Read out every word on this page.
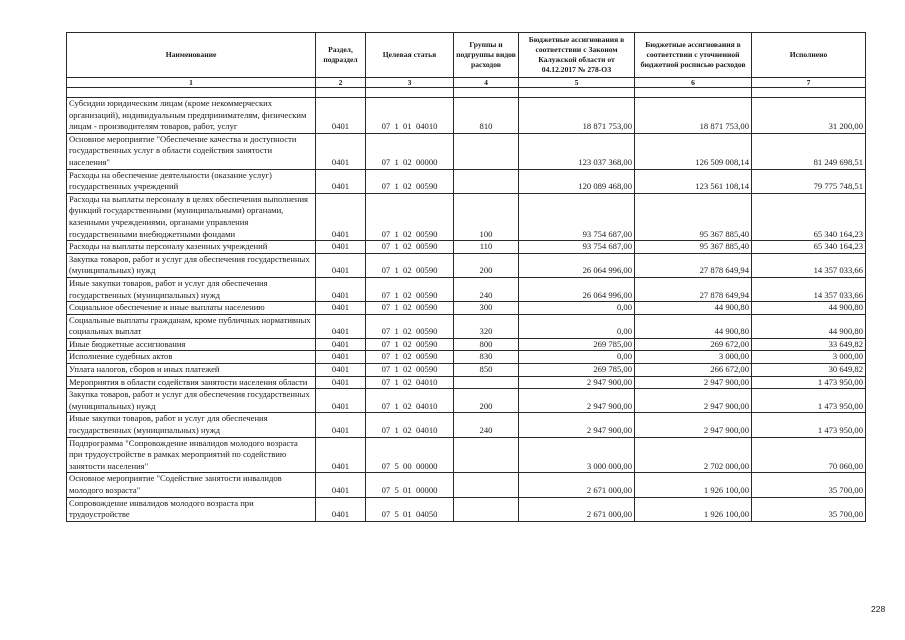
Наименование	Раздел, подраздел	Целевая статья	Группы и подгруппы видов расходов	Бюджетные ассигнования в соответствии с Законом Калужской области от 04.12.2017 № 278-ОЗ	Бюджетные ассигнования в соответствии с уточненной бюджетной росписью расходов	Исполнено
1	2	3	4	5	6	7

Субсидии юридическим лицам (кроме некоммерческих организаций), индивидуальным предпринимателям, физическим лицам - производителям товаров, работ, услуг	0401	07  1  01  04010	810	18 871 753,00	18 871 753,00	31 200,00
Основное мероприятие "Обеспечение качества и доступности государственных услуг в области содействия занятости населения"	0401	07  1  02  00000		123 037 368,00	126 509 008,14	81 249 698,51
Расходы на обеспечение деятельности (оказание услуг) государственных учреждений	0401	07  1  02  00590		120 089 468,00	123 561 108,14	79 775 748,51
Расходы на выплаты персоналу в целях обеспечения выполнения функций государственными (муниципальными) органами, казенными учреждениями, органами управления государственными внебюджетными фондами	0401	07  1  02  00590	100	93 754 687,00	95 367 885,40	65 340 164,23
Расходы на выплаты персоналу казенных учреждений	0401	07  1  02  00590	110	93 754 687,00	95 367 885,40	65 340 164,23
Закупка товаров, работ и услуг для обеспечения государственных (муниципальных) нужд	0401	07  1  02  00590	200	26 064 996,00	27 878 649,94	14 357 033,66
Иные закупки товаров, работ и услуг для обеспечения государственных (муниципальных) нужд	0401	07  1  02  00590	240	26 064 996,00	27 878 649,94	14 357 033,66
Социальное обеспечение и иные выплаты населению	0401	07  1  02  00590	300	0,00	44 900,80	44 900,80
Социальные выплаты гражданам, кроме публичных нормативных социальных выплат	0401	07  1  02  00590	320	0,00	44 900,80	44 900,80
Иные бюджетные ассигнования	0401	07  1  02  00590	800	269 785,00	269 672,00	33 649,82
Исполнение судебных актов	0401	07  1  02  00590	830	0,00	3 000,00	3 000,00
Уплата налогов, сборов и иных платежей	0401	07  1  02  00590	850	269 785,00	266 672,00	30 649,82
Мероприятия в области содействия занятости населения области	0401	07  1  02  04010		2 947 900,00	2 947 900,00	1 473 950,00
Закупка товаров, работ и услуг для обеспечения государственных (муниципальных) нужд	0401	07  1  02  04010	200	2 947 900,00	2 947 900,00	1 473 950,00
Иные закупки товаров, работ и услуг для обеспечения государственных (муниципальных) нужд	0401	07  1  02  04010	240	2 947 900,00	2 947 900,00	1 473 950,00
Подпрограмма "Сопровождение инвалидов молодого возраста при трудоустройстве в рамках мероприятий по содействию занятости населения"	0401	07  5  00  00000		3 000 000,00	2 702 000,00	70 060,00
Основное мероприятие "Содействие занятости инвалидов молодого возраста"	0401	07  5  01  00000		2 671 000,00	1 926 100,00	35 700,00
Сопровождение инвалидов молодого возраста при трудоустройстве	0401	07  5  01  04050		2 671 000,00	1 926 100,00	35 700,00
228
